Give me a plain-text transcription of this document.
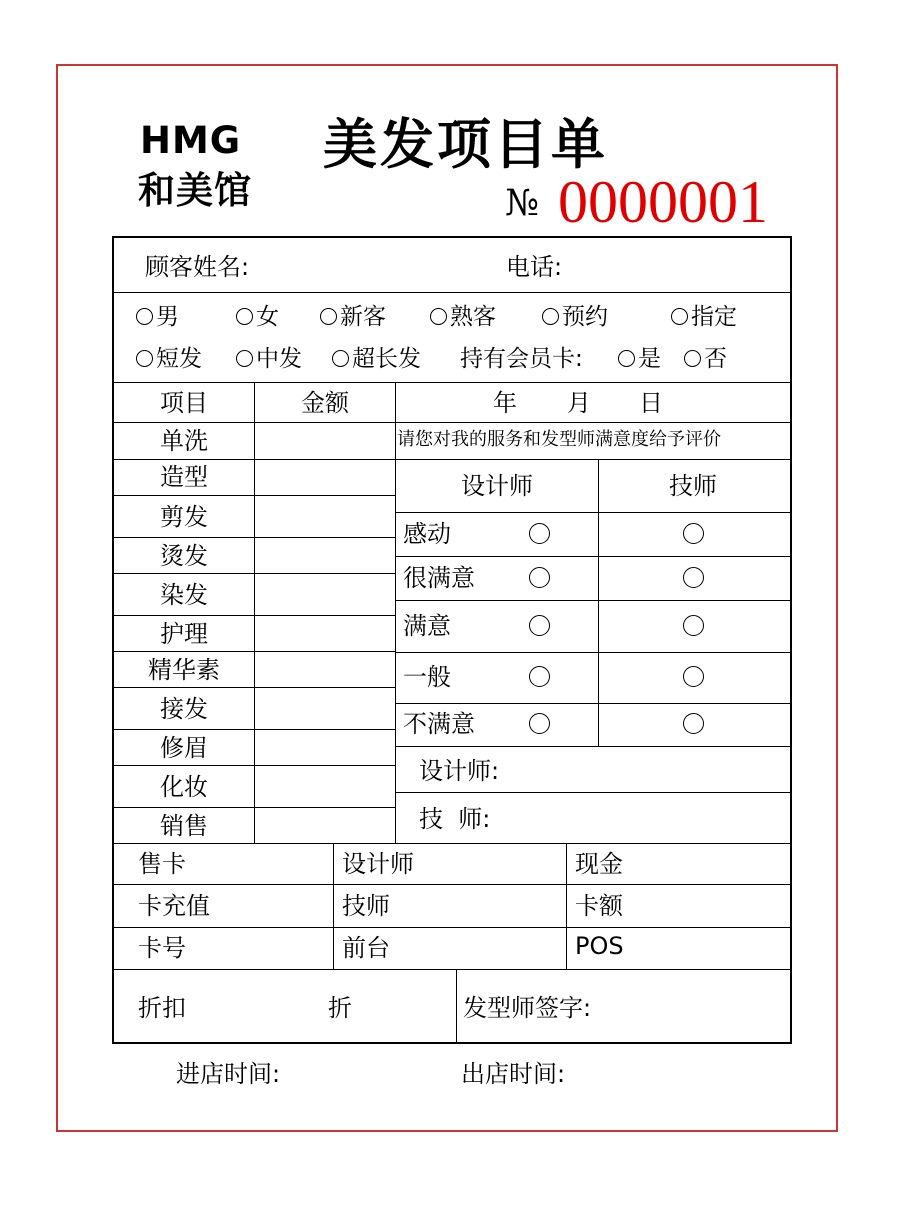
HMG
和美馆
美发项目单
№ 0000001
顾客姓名:	电话:
男	女	新客	熟客	预约	指定
短发	中发	超长发 持有会员卡:	是	否
项目	金额	年 月 日
单洗
造型
剪发
烫发
染发
护理
精华素
接发
修眉
化妆
销售
请您对我的服务和发型师满意度给予评价
设计师	技师
感动
很满意
满意
一般
不满意
设计师:
技  师:
售卡	设计师	现金
卡充值	技师	卡额
卡号	前台	POS
折扣	折	发型师签字:
进店时间:	出店时间:
